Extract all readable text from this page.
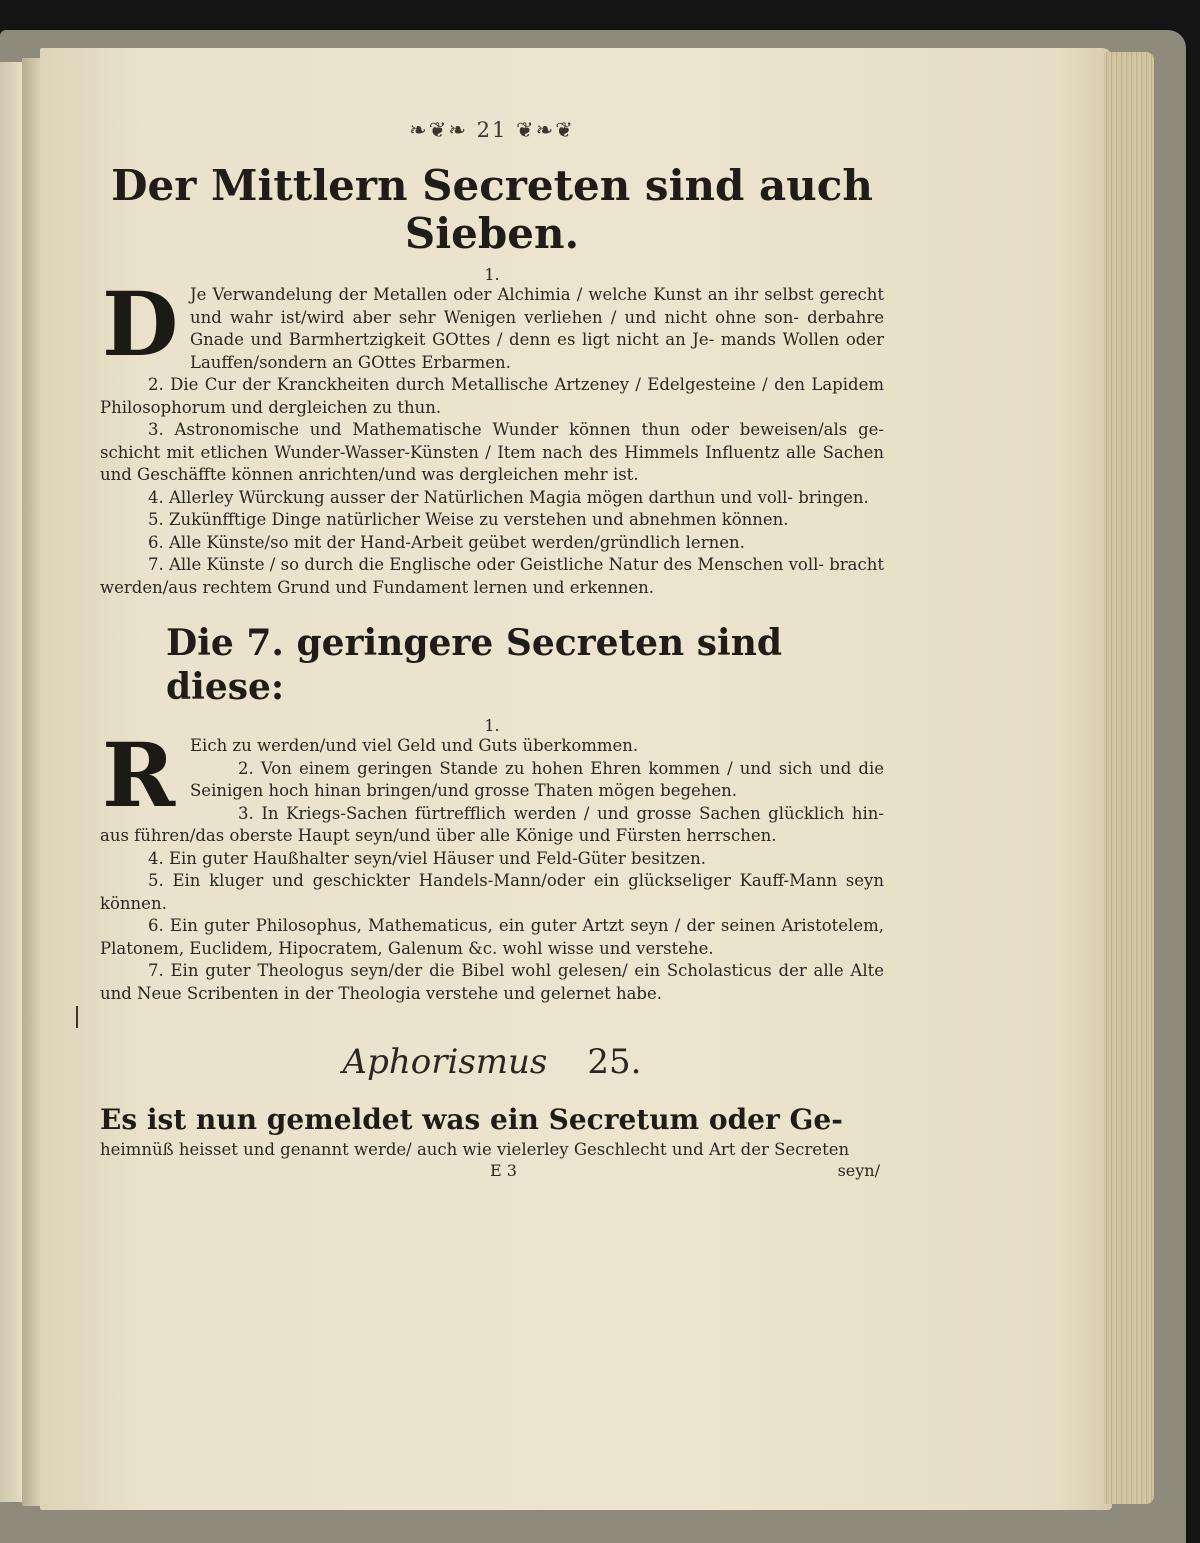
❧❦❧ 21 ❦❧❦
Der Mittlern Secreten sind auch
Sieben.
1.

D Je Verwandelung der Metallen oder Alchimia / welche Kunst an ihr selbst gerecht und wahr ist/wird aber sehr Wenigen verliehen / und nicht ohne son- derbahre Gnade und Barmhertzigkeit GOttes / denn es ligt nicht an Je- mands Wollen oder Lauffen/sondern an GOttes Erbarmen.

2. Die Cur der Kranckheiten durch Metallische Artzeney / Edelgesteine / den Lapidem Philosophorum und dergleichen zu thun.

3. Astronomische und Mathematische Wunder können thun oder beweisen/als ge- schicht mit etlichen Wunder-Wasser-Künsten / Item nach des Himmels Influentz alle Sachen und Geschäffte können anrichten/und was dergleichen mehr ist.

4. Allerley Würckung ausser der Natürlichen Magia mögen darthun und voll- bringen.

5. Zukünfftige Dinge natürlicher Weise zu verstehen und abnehmen können.

6. Alle Künste/so mit der Hand-Arbeit geübet werden/gründlich lernen.

7. Alle Künste / so durch die Englische oder Geistliche Natur des Menschen voll- bracht werden/aus rechtem Grund und Fundament lernen und erkennen.

Die 7. geringere Secreten sind diese:
1.

R Eich zu werden/und viel Geld und Guts überkommen.

2. Von einem geringen Stande zu hohen Ehren kommen / und sich und die Seinigen hoch hinan bringen/und grosse Thaten mögen begehen.

3. In Kriegs-Sachen fürtrefflich werden / und grosse Sachen glücklich hin- aus führen/das oberste Haupt seyn/und über alle Könige und Fürsten herrschen.

4. Ein guter Haußhalter seyn/viel Häuser und Feld-Güter besitzen.

5. Ein kluger und geschickter Handels-Mann/oder ein glückseliger Kauff-Mann seyn können.

6. Ein guter Philosophus, Mathematicus, ein guter Artzt seyn / der seinen Aristotelem, Platonem, Euclidem, Hipocratem, Galenum &c. wohl wisse und verstehe.

7. Ein guter Theologus seyn/der die Bibel wohl gelesen/ ein Scholasticus der alle Alte und Neue Scribenten in der Theologia verstehe und gelernet habe.

Aphorismus 25.

Es ist nun gemeldet was ein Secretum oder Ge-

heimnüß heisset und genannt werde/ auch wie vielerley Geschlecht und Art der Secreten

E 3	seyn/
